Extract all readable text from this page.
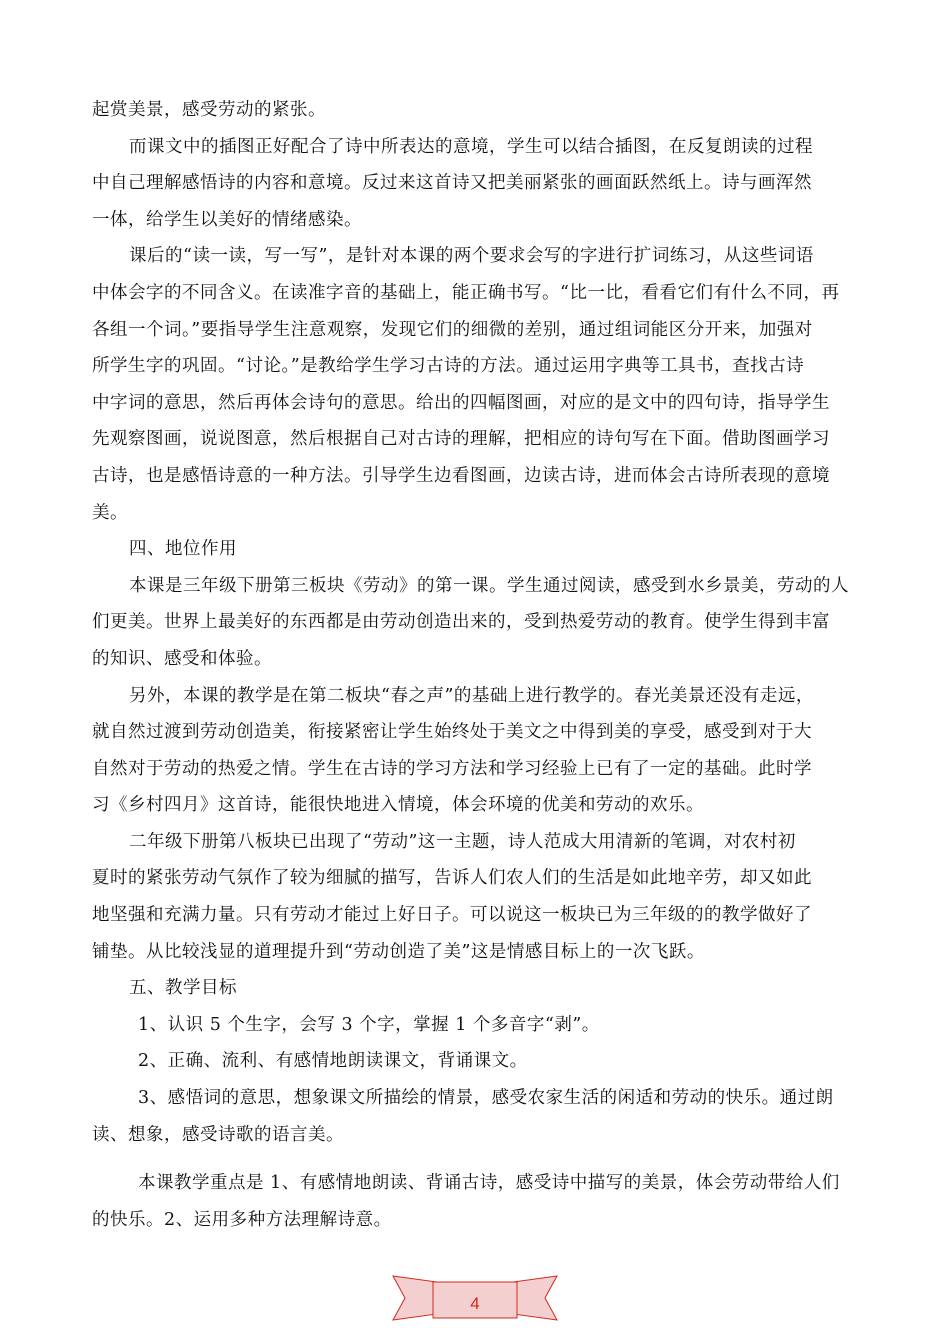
起赏美景，感受劳动的紧张。
而课文中的插图正好配合了诗中所表达的意境，学生可以结合插图，在反复朗读的过程
中自己理解感悟诗的内容和意境。反过来这首诗又把美丽紧张的画面跃然纸上。诗与画浑然
一体，给学生以美好的情绪感染。
课后的“读一读，写一写”，是针对本课的两个要求会写的字进行扩词练习，从这些词语
中体会字的不同含义。在读准字音的基础上，能正确书写。“比一比，看看它们有什么不同，再
各组一个词。”要指导学生注意观察，发现它们的细微的差别，通过组词能区分开来，加强对
所学生字的巩固。“讨论。”是教给学生学习古诗的方法。通过运用字典等工具书，查找古诗
中字词的意思，然后再体会诗句的意思。给出的四幅图画，对应的是文中的四句诗，指导学生
先观察图画，说说图意，然后根据自己对古诗的理解，把相应的诗句写在下面。借助图画学习
古诗，也是感悟诗意的一种方法。引导学生边看图画，边读古诗，进而体会古诗所表现的意境
美。
四、地位作用
本课是三年级下册第三板块《劳动》的第一课。学生通过阅读，感受到水乡景美，劳动的人
们更美。世界上最美好的东西都是由劳动创造出来的，受到热爱劳动的教育。使学生得到丰富
的知识、感受和体验。
另外，本课的教学是在第二板块“春之声”的基础上进行教学的。春光美景还没有走远，
就自然过渡到劳动创造美，衔接紧密让学生始终处于美文之中得到美的享受，感受到对于大
自然对于劳动的热爱之情。学生在古诗的学习方法和学习经验上已有了一定的基础。此时学
习《乡村四月》这首诗，能很快地进入情境，体会环境的优美和劳动的欢乐。
二年级下册第八板块已出现了“劳动”这一主题，诗人范成大用清新的笔调，对农村初
夏时的紧张劳动气氛作了较为细腻的描写，告诉人们农人们的生活是如此地辛劳，却又如此
地坚强和充满力量。只有劳动才能过上好日子。可以说这一板块已为三年级的的教学做好了
铺垫。从比较浅显的道理提升到“劳动创造了美”这是情感目标上的一次飞跃。
五、教学目标
1、认识 5 个生字，会写 3 个字，掌握 1 个多音字“剥”。
2、正确、流利、有感情地朗读课文，背诵课文。
3、感悟词的意思，想象课文所描绘的情景，感受农家生活的闲适和劳动的快乐。通过朗
读、想象，感受诗歌的语言美。
本课教学重点是 1、有感情地朗读、背诵古诗，感受诗中描写的美景，体会劳动带给人们
的快乐。2、运用多种方法理解诗意。
4
